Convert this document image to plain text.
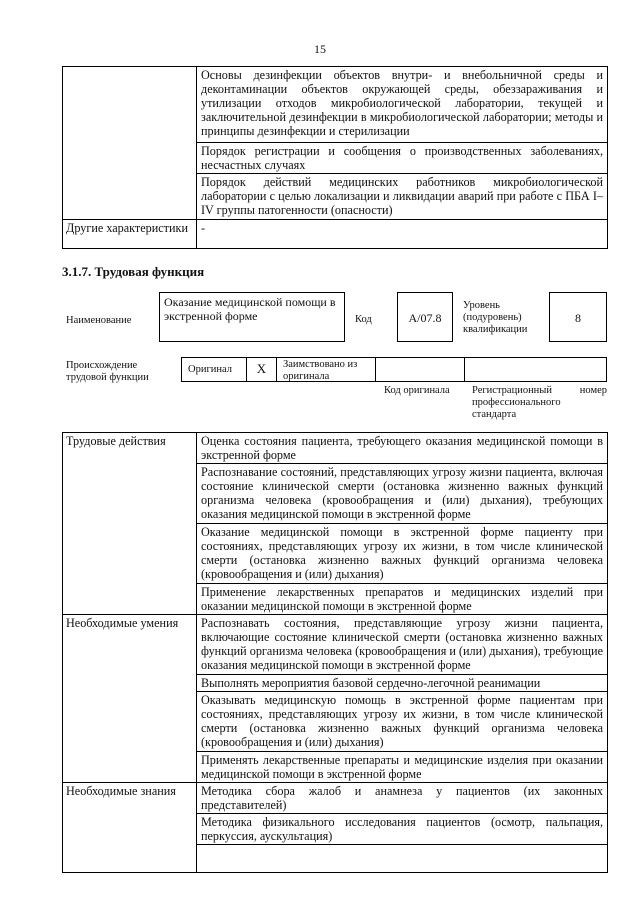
15
	Основы дезинфекции объектов внутри- и внебольничной среды и деконтаминации объектов окружающей среды, обеззараживания и утилизации отходов микробиологической лаборатории, текущей и заключительной дезинфекции в микробиологической лаборатории; методы и принципы дезинфекции и стерилизации
	Порядок регистрации и сообщения о производственных заболеваниях, несчастных случаях
	Порядок действий медицинских работников микробиологической лаборатории с целью локализации и ликвидации аварий при работе с ПБА I–IV группы патогенности (опасности)
Другие характеристики	-
3.1.7. Трудовая функция
Наименование
Оказание медицинской помощи в экстренной форме	Код	А/07.8
Уровень (подуровень) квалификации
8
Происхождение трудовой функции
Оригинал	X	Заимствовано из оригинала
Код оригинала Регистрационный номер профессионального стандарта
Трудовые действия	Оценка состояния пациента, требующего оказания медицинской помощи в экстренной форме
	Распознавание состояний, представляющих угрозу жизни пациента, включая состояние клинической смерти (остановка жизненно важных функций организма человека (кровообращения и (или) дыхания), требующих оказания медицинской помощи в экстренной форме
	Оказание медицинской помощи в экстренной форме пациенту при состояниях, представляющих угрозу их жизни, в том числе клинической смерти (остановка жизненно важных функций организма человека (кровообращения и (или) дыхания)
	Применение лекарственных препаратов и медицинских изделий при оказании медицинской помощи в экстренной форме
Необходимые умения	Распознавать состояния, представляющие угрозу жизни пациента, включающие состояние клинической смерти (остановка жизненно важных функций организма человека (кровообращения и (или) дыхания), требующие оказания медицинской помощи в экстренной форме
	Выполнять мероприятия базовой сердечно-легочной реанимации
	Оказывать медицинскую помощь в экстренной форме пациентам при состояниях, представляющих угрозу их жизни, в том числе клинической смерти (остановка жизненно важных функций организма человека (кровообращения и (или) дыхания)
	Применять лекарственные препараты и медицинские изделия при оказании медицинской помощи в экстренной форме
Необходимые знания	Методика сбора жалоб и анамнеза у пациентов (их законных представителей)
	Методика физикального исследования пациентов (осмотр, пальпация, перкуссия, аускультация)
